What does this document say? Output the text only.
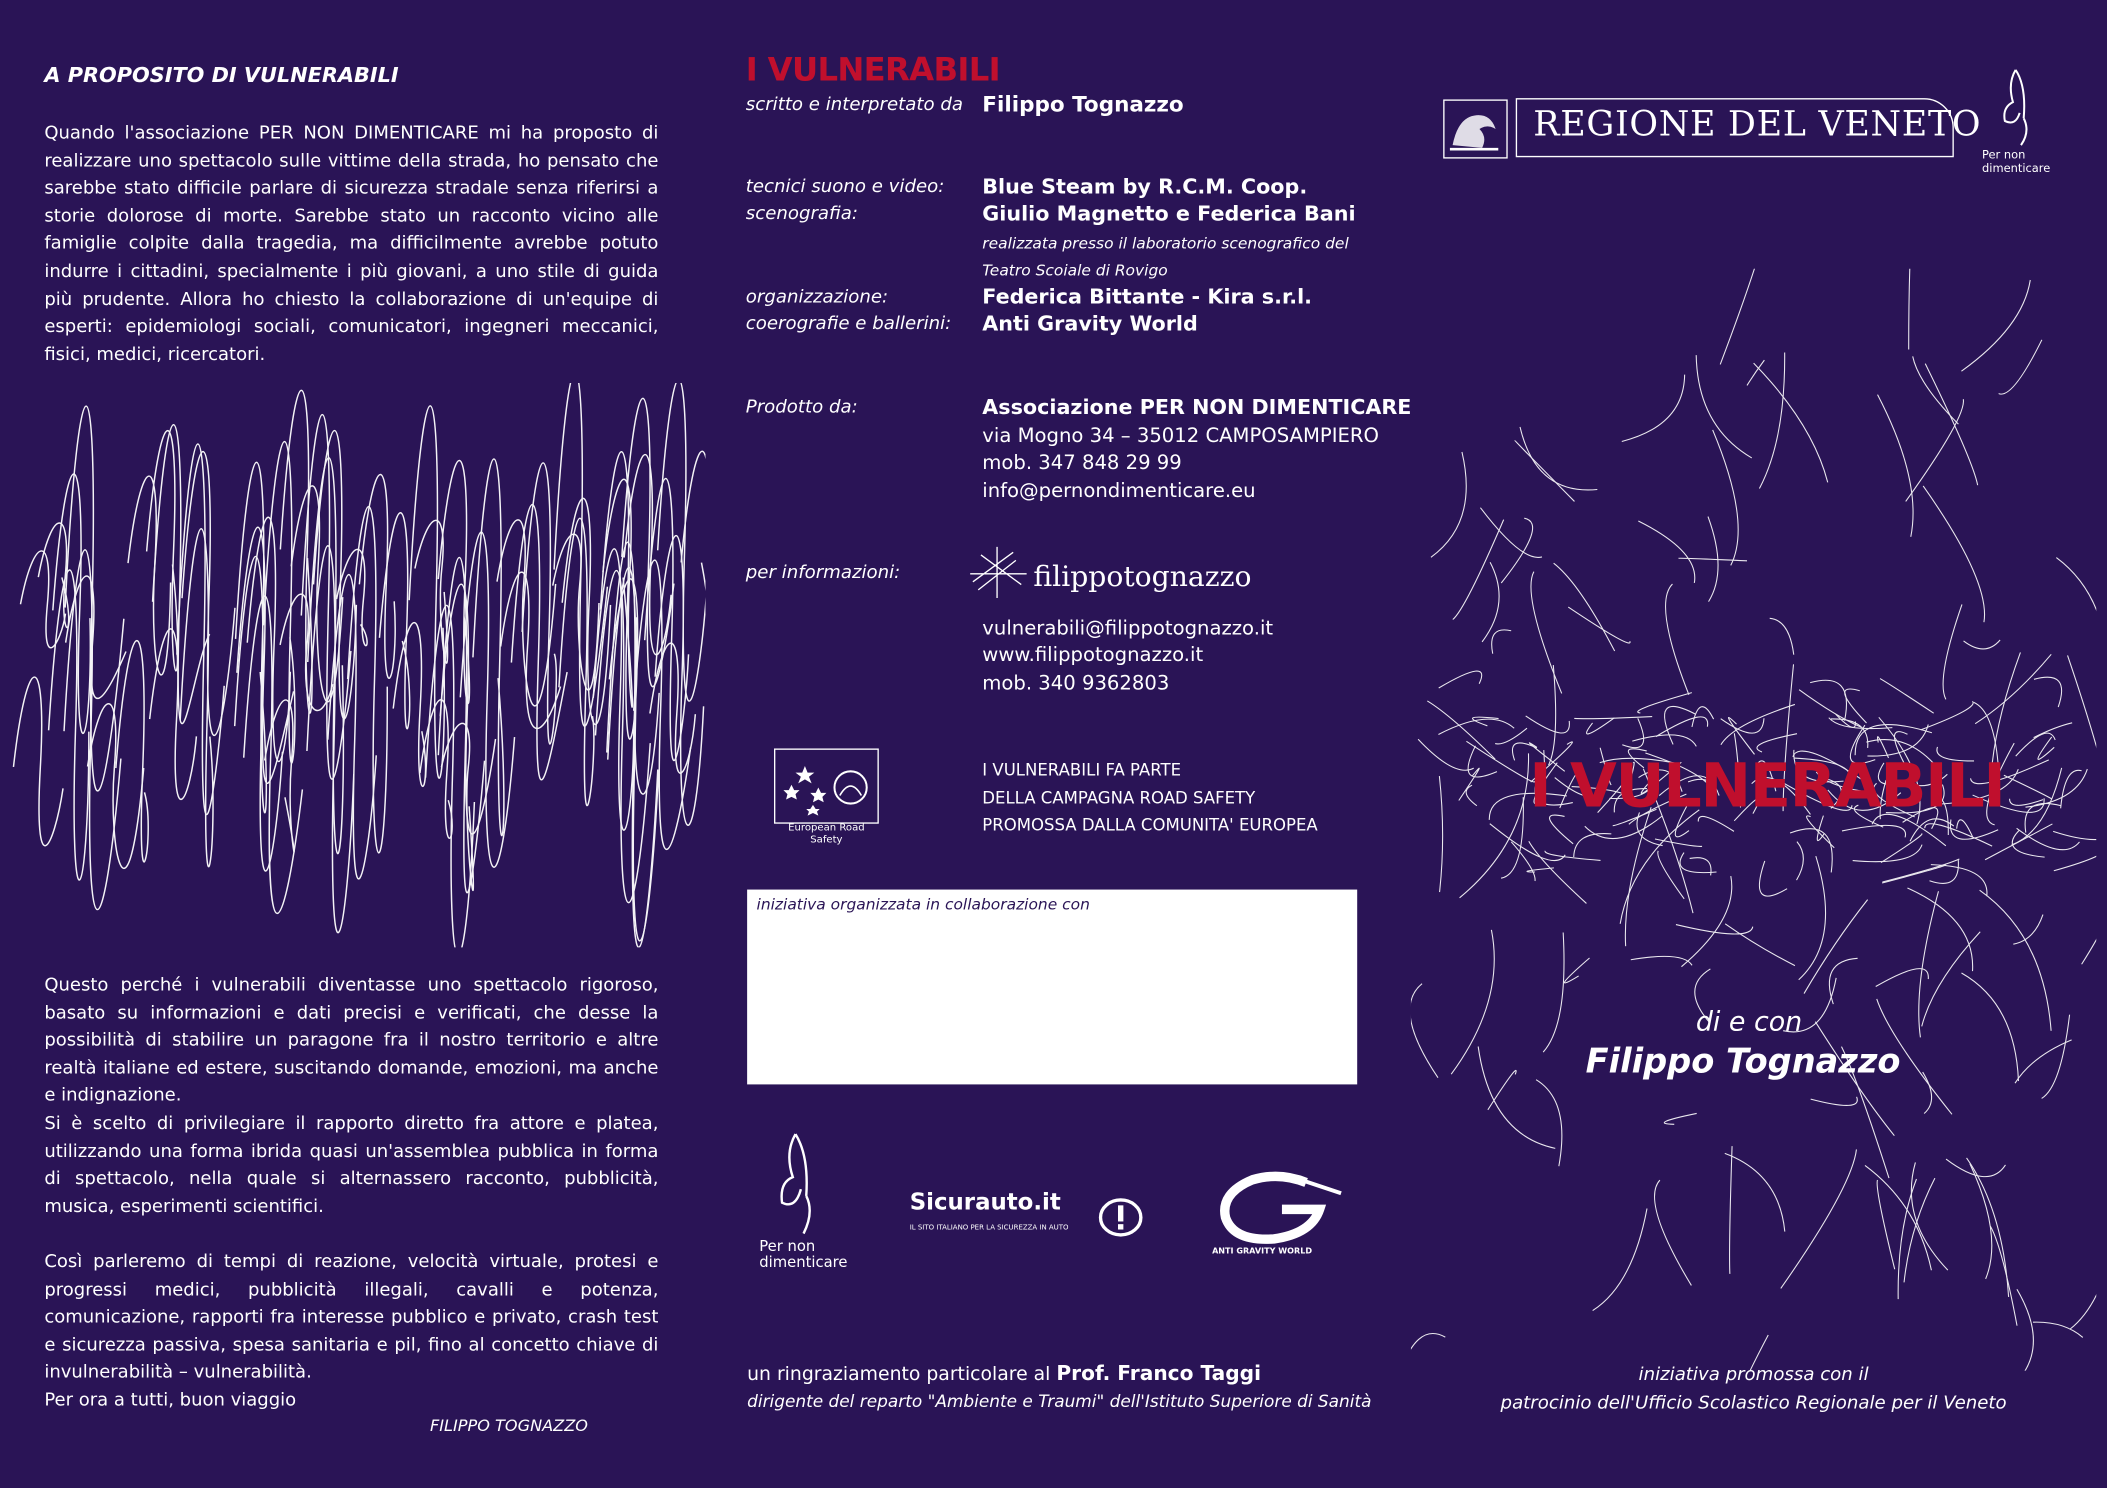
A PROPOSITO DI VULNERABILI

Quando l'associazione PER NON DIMENTICARE mi ha proposto di realizzare uno spettacolo sulle vittime della strada, ho pensato che sarebbe stato difficile parlare di sicurezza stradale senza riferirsi a storie dolorose di morte. Sarebbe stato un racconto vicino alle famiglie colpite dalla tragedia, ma difficilmente avrebbe potuto indurre i cittadini, specialmente i più giovani, a uno stile di guida più prudente. Allora ho chiesto la collaborazione di un'equipe di esperti: epidemiologi sociali, comunicatori, ingegneri meccanici, fisici, medici, ricercatori.

Questo perché i vulnerabili diventasse uno spettacolo rigoroso, basato su informazioni e dati precisi e verificati, che desse la possibilità di stabilire un paragone fra il nostro territorio e altre realtà italiane ed estere, suscitando domande, emozioni, ma anche e indignazione.

Si è scelto di privilegiare il rapporto diretto fra attore e platea, utilizzando una forma ibrida quasi un'assemblea pubblica in forma di spettacolo, nella quale si alternassero racconto, pubblicità, musica, esperimenti scientifici.

Così parleremo di tempi di reazione, velocità virtuale, protesi e progressi medici, pubblicità illegali, cavalli e potenza, comunicazione, rapporti fra interesse pubblico e privato, crash test e sicurezza passiva, spesa sanitaria e pil, fino al concetto chiave di invulnerabilità – vulnerabilità.

Per ora a tutti, buon viaggio

FILIPPO TOGNAZZO
I VULNERABILI
scritto e interpretato da Filippo Tognazzo
tecnici suono e video: Blue Steam by R.C.M. Coop.
scenografia:	Giulio Magnetto e Federica Bani
realizzata presso il laboratorio scenografico del
Teatro Scoiale di Rovigo
organizzazione:	Federica Bittante - Kira s.r.l.
coerografie e ballerini: Anti Gravity World
Prodotto da:	Associazione PER NON DIMENTICARE
via Mogno 34 – 35012 CAMPOSAMPIERO
mob. 347 848 29 99
info@pernondimenticare.eu
per informazioni:	filippotognazzo
vulnerabili@filippotognazzo.it
www.filippotognazzo.it
mob. 340 9362803
European Road Safety
I VULNERABILI FA PARTE
DELLA CAMPAGNA ROAD SAFETY
PROMOSSA DALLA COMUNITA' EUROPEA
iniziativa organizzata in collaborazione con
Per non
dimenticare
Sicurauto.it
IL SITO ITALIANO PER LA SICUREZZA IN AUTO
ANTI GRAVITY WORLD
un ringraziamento particolare al Prof. Franco Taggi
dirigente del reparto "Ambiente e Traumi" dell'Istituto Superiore di Sanità
REGIONE DEL VENETO
Per non
dimenticare
I VULNERABILI
di e con
Filippo Tognazzo
iniziativa promossa con il
patrocinio dell'Ufficio Scolastico Regionale per il Veneto
